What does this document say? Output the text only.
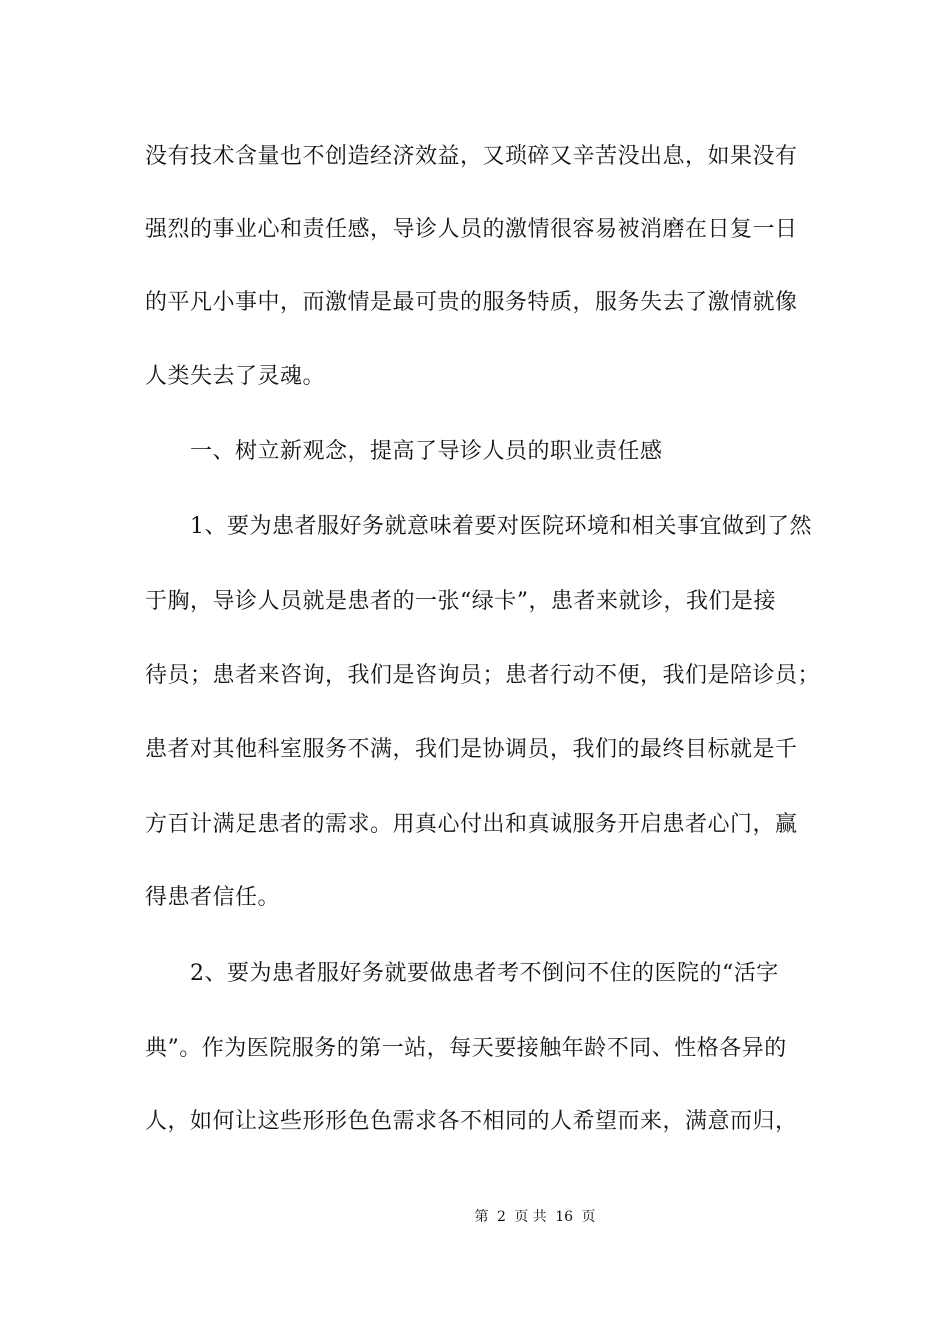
没有技术含量也不创造经济效益，又琐碎又辛苦没出息，如果没有
强烈的事业心和责任感，导诊人员的激情很容易被消磨在日复一日
的平凡小事中，而激情是最可贵的服务特质，服务失去了激情就像
人类失去了灵魂。
一、树立新观念，提高了导诊人员的职业责任感
1、要为患者服好务就意味着要对医院环境和相关事宜做到了然
于胸，导诊人员就是患者的一张“绿卡”，患者来就诊，我们是接
待员；患者来咨询，我们是咨询员；患者行动不便，我们是陪诊员；
患者对其他科室服务不满，我们是协调员，我们的最终目标就是千
方百计满足患者的需求。用真心付出和真诚服务开启患者心门，赢
得患者信任。
2、要为患者服好务就要做患者考不倒问不住的医院的“活字
典”。作为医院服务的第一站，每天要接触年龄不同、性格各异的
人，如何让这些形形色色需求各不相同的人希望而来，满意而归，
第 2 页 共 16 页
